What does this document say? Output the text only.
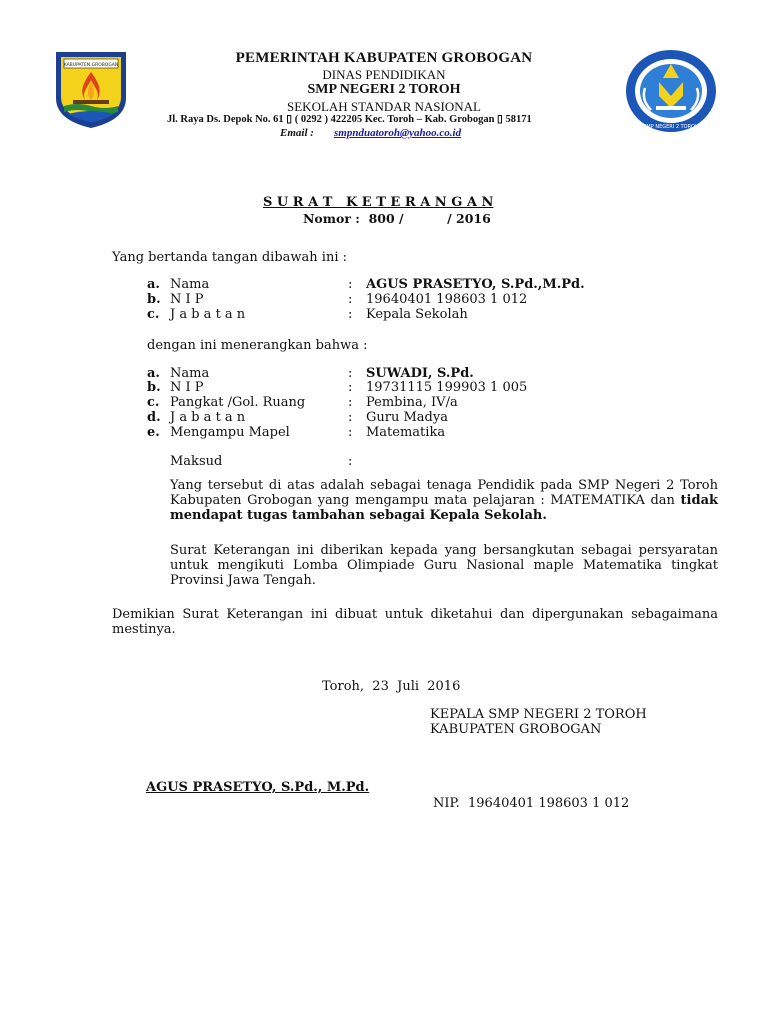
KABUPATEN GROBOGAN
SMP NEGERI 2 TOROH
PEMERINTAH KABUPATEN GROBOGAN
DINAS PENDIDIKAN
SMP NEGERI 2 TOROH
SEKOLAH STANDAR NASIONAL
Jl. Raya Ds. Depok No. 61 ▯ ( 0292 ) 422205 Kec. Toroh – Kab. Grobogan ▯ 58171
Email : smpnduatoroh@yahoo.co.id
S U R A T   K E T E R A N G A N
Nomor :  800 /          / 2016
Yang bertanda tangan dibawah ini :
a. Nama	: AGUS PRASETYO, S.Pd.,M.Pd.
b. N I P	: 19640401 198603 1 012
c. J a b a t a n	: Kepala Sekolah
dengan ini menerangkan bahwa :
a. Nama	: SUWADI, S.Pd.
b. N I P	: 19731115 199903 1 005
c. Pangkat /Gol. Ruang	: Pembina, IV/a
d. J a b a t a n	: Guru Madya
e. Mengampu Mapel	: Matematika
Maksud	:
Yang tersebut di atas adalah sebagai tenaga Pendidik pada SMP Negeri 2 Toroh Kabupaten Grobogan yang mengampu mata pelajaran : MATEMATIKA dan tidak mendapat tugas tambahan sebagai Kepala Sekolah.
Surat Keterangan ini diberikan kepada yang bersangkutan sebagai persyaratan untuk mengikuti Lomba Olimpiade Guru Nasional maple Matematika tingkat Provinsi Jawa Tengah.
Demikian Surat Keterangan ini dibuat untuk diketahui dan dipergunakan sebagaimana mestinya.
Toroh,  23  Juli  2016
KEPALA SMP NEGERI 2 TOROH
KABUPATEN GROBOGAN
AGUS PRASETYO, S.Pd., M.Pd.
NIP.  19640401 198603 1 012
